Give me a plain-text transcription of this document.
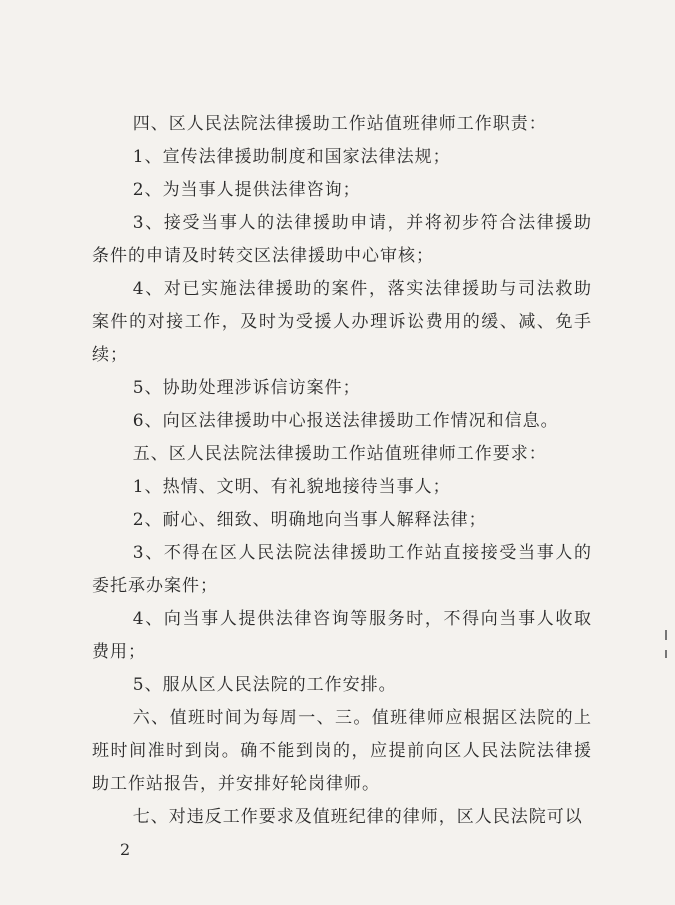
四、区人民法院法律援助工作站值班律师工作职责：

1、宣传法律援助制度和国家法律法规；

2、为当事人提供法律咨询；

3、接受当事人的法律援助申请，并将初步符合法律援助条件的申请及时转交区法律援助中心审核；

4、对已实施法律援助的案件，落实法律援助与司法救助案件的对接工作，及时为受援人办理诉讼费用的缓、减、免手续；

5、协助处理涉诉信访案件；

6、向区法律援助中心报送法律援助工作情况和信息。

五、区人民法院法律援助工作站值班律师工作要求：

1、热情、文明、有礼貌地接待当事人；

2、耐心、细致、明确地向当事人解释法律；

3、不得在区人民法院法律援助工作站直接接受当事人的委托承办案件；

4、向当事人提供法律咨询等服务时，不得向当事人收取费用；

5、服从区人民法院的工作安排。

六、值班时间为每周一、三。值班律师应根据区法院的上班时间准时到岗。确不能到岗的，应提前向区人民法院法律援助工作站报告，并安排好轮岗律师。

七、对违反工作要求及值班纪律的律师，区人民法院可以

2
